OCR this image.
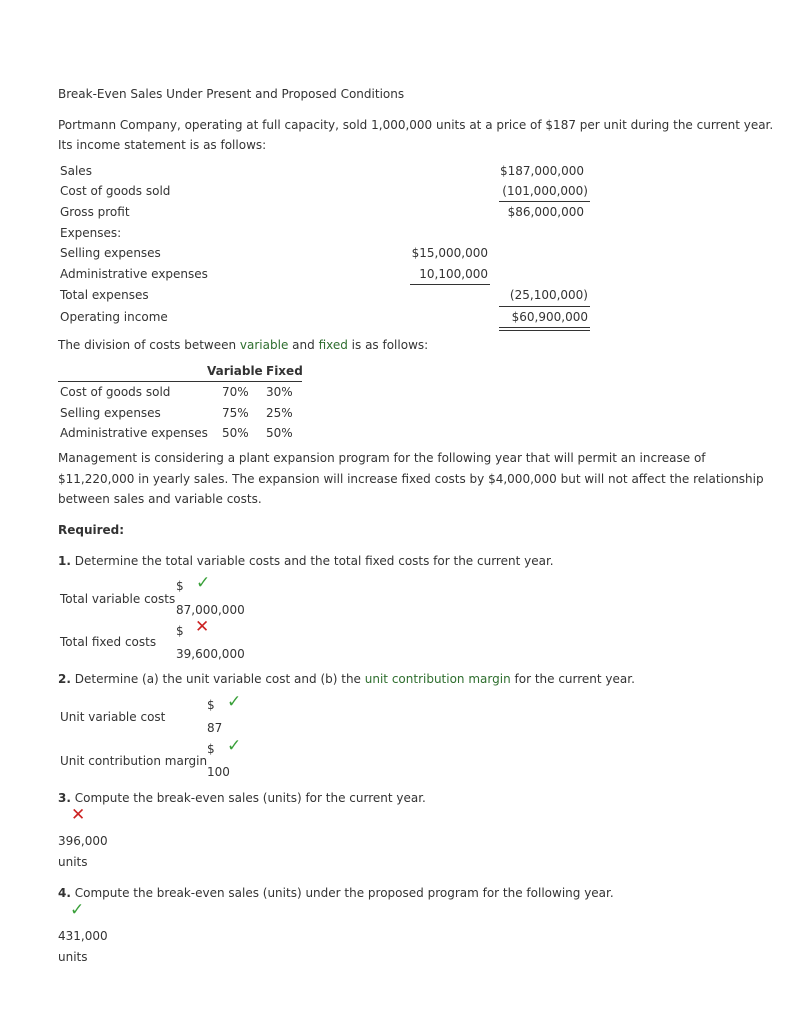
Break-Even Sales Under Present and Proposed Conditions
Portmann Company, operating at full capacity, sold 1,000,000 units at a price of $187 per unit during the current year.
Its income statement is as follows:
Sales	$187,000,000
Cost of goods sold	(101,000,000)
Gross profit	$86,000,000
Expenses:
Selling expenses	$15,000,000
Administrative expenses	10,100,000
Total expenses	(25,100,000)
Operating income	$60,900,000
The division of costs between variable and fixed is as follows:
Variable Fixed
Cost of goods sold	70% 30%
Selling expenses	75% 25%
Administrative expenses 50% 50%
Management is considering a plant expansion program for the following year that will permit an increase of
$11,220,000 in yearly sales. The expansion will increase fixed costs by $4,000,000 but will not affect the relationship
between sales and variable costs.
Required:
1. Determine the total variable costs and the total fixed costs for the current year.
$ ✓
Total variable costs
87,000,000
$ ✕
Total fixed costs
39,600,000
2. Determine (a) the unit variable cost and (b) the unit contribution margin for the current year.
$ ✓
Unit variable cost
87
$ ✓
Unit contribution margin
100
3. Compute the break-even sales (units) for the current year.
✕
396,000
units
4. Compute the break-even sales (units) under the proposed program for the following year.
✓
431,000
units
